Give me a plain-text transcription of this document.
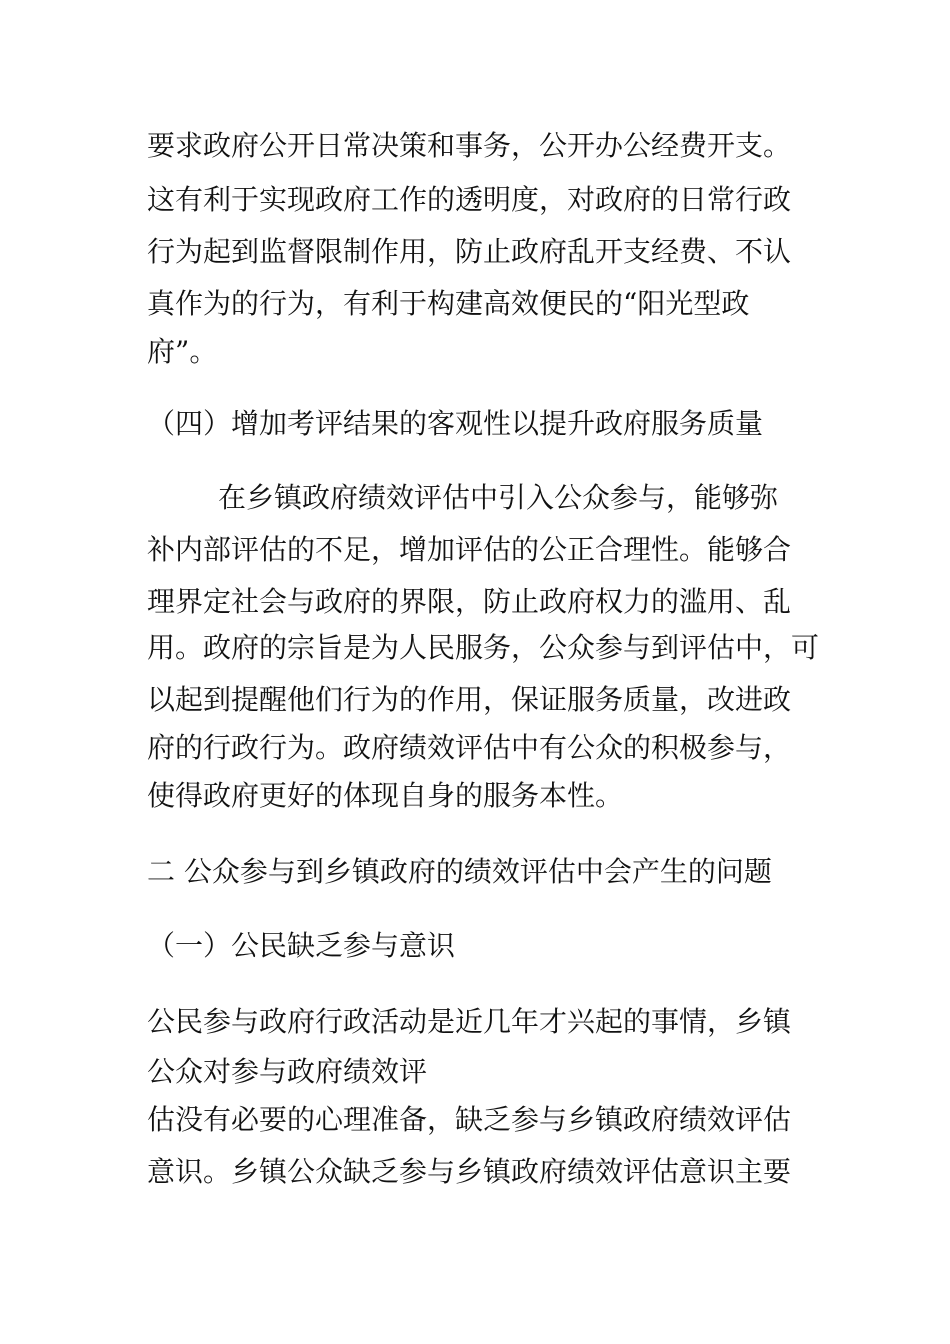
要求政府公开日常决策和事务，公开办公经费开支。
这有利于实现政府工作的透明度，对政府的日常行政
行为起到监督限制作用，防止政府乱开支经费、不认
真作为的行为，有利于构建高效便民的“阳光型政
府”。
（四）增加考评结果的客观性以提升政府服务质量
在乡镇政府绩效评估中引入公众参与，能够弥
补内部评估的不足，增加评估的公正合理性。能够合
理界定社会与政府的界限，防止政府权力的滥用、乱
用。政府的宗旨是为人民服务，公众参与到评估中，可
以起到提醒他们行为的作用，保证服务质量，改进政
府的行政行为。政府绩效评估中有公众的积极参与，
使得政府更好的体现自身的服务本性。
二 公众参与到乡镇政府的绩效评估中会产生的问题
（一）公民缺乏参与意识
公民参与政府行政活动是近几年才兴起的事情，乡镇
公众对参与政府绩效评
估没有必要的心理准备，缺乏参与乡镇政府绩效评估
意识。乡镇公众缺乏参与乡镇政府绩效评估意识主要
